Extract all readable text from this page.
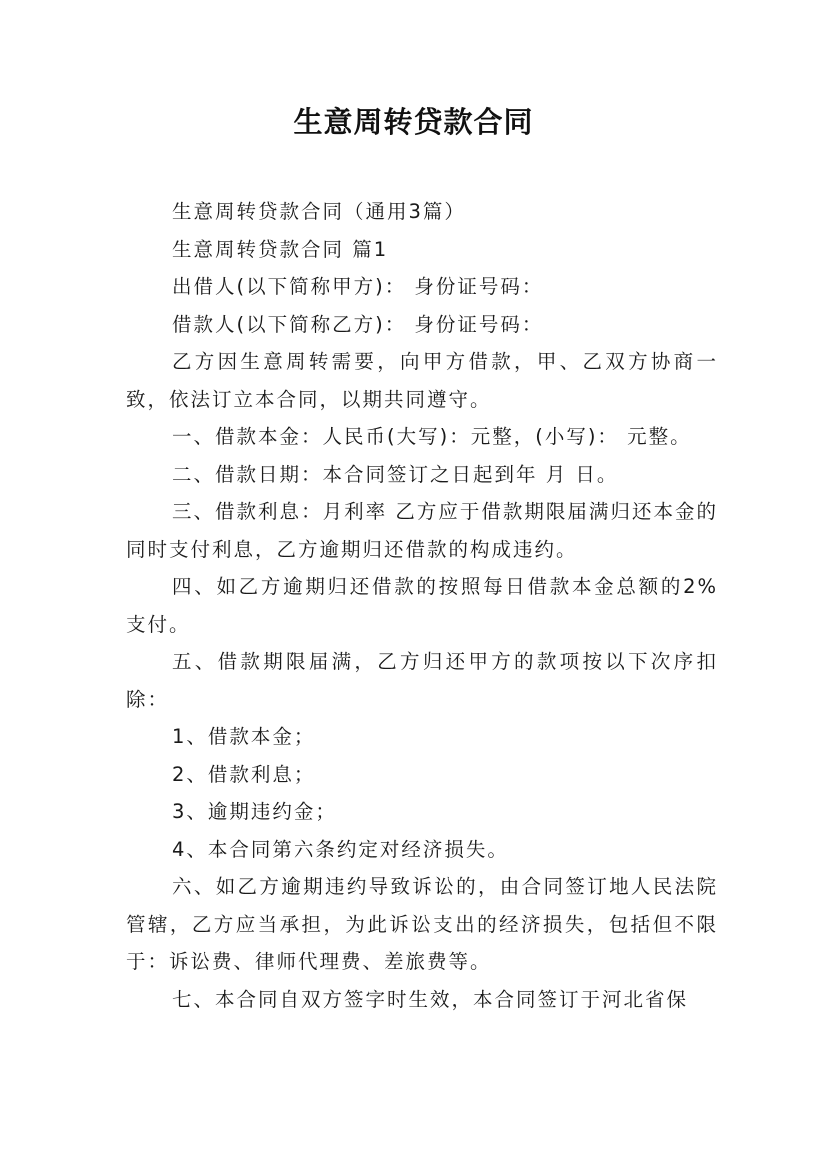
生意周转贷款合同

生意周转贷款合同（通用3篇）

生意周转贷款合同 篇1

出借人(以下简称甲方)： 身份证号码：

借款人(以下简称乙方)： 身份证号码：

乙方因生意周转需要，向甲方借款，甲、乙双方协商一致，依法订立本合同，以期共同遵守。

一、借款本金：人民币(大写)：元整，(小写)： 元整。

二、借款日期：本合同签订之日起到年 月 日。

三、借款利息：月利率 乙方应于借款期限届满归还本金的同时支付利息，乙方逾期归还借款的构成违约。

四、如乙方逾期归还借款的按照每日借款本金总额的2%支付。

五、借款期限届满，乙方归还甲方的款项按以下次序扣除：

1、借款本金；

2、借款利息；

3、逾期违约金；

4、本合同第六条约定对经济损失。

六、如乙方逾期违约导致诉讼的，由合同签订地人民法院管辖，乙方应当承担，为此诉讼支出的经济损失，包括但不限于：诉讼费、律师代理费、差旅费等。

七、本合同自双方签字时生效，本合同签订于河北省保
